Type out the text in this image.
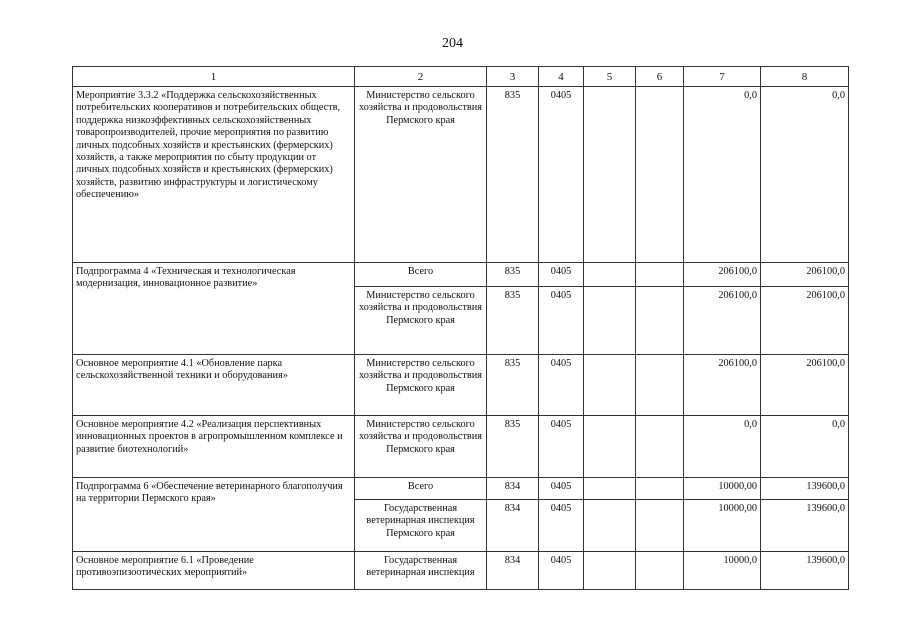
204
1	2	3	4	5	6	7	8
Мероприятие 3.3.2 «Поддержка сельскохозяйственных потребительских кооперативов и потребительских обществ, поддержка низкоэффективных сельскохозяйственных товаропроизводителей, прочие мероприятия по развитию личных подсобных хозяйств и крестьянских (фермерских) хозяйств, а также мероприятия по сбыту продукции от личных подсобных хозяйств и крестьянских (фермерских) хозяйств, развитию инфраструктуры и логистическому обеспечению»	Министерство сельского хозяйства и продовольствия Пермского края	835	0405			0,0	0,0
Подпрограмма 4 «Техническая и технологическая модернизация, инновационное развитие»	Всего	835	0405			206100,0	206100,0
	Министерство сельского хозяйства и продовольствия Пермского края	835	0405			206100,0	206100,0
Основное мероприятие 4.1 «Обновление парка сельскохозяйственной техники и оборудования»	Министерство сельского хозяйства и продовольствия Пермского края	835	0405			206100,0	206100,0
Основное мероприятие 4.2 «Реализация перспективных инновационных проектов в агропромышленном комплексе и развитие биотехнологий»	Министерство сельского хозяйства и продовольствия Пермского края	835	0405			0,0	0,0
Подпрограмма 6 «Обеспечение ветеринарного благополучия на территории Пермского края»	Всего	834	0405			10000,00	139600,0
	Государственная ветеринарная инспекция Пермского края	834	0405			10000,00	139600,0
Основное мероприятие 6.1 «Проведение противоэпизоотических мероприятий»	Государственная ветеринарная инспекция	834	0405			10000,0	139600,0
